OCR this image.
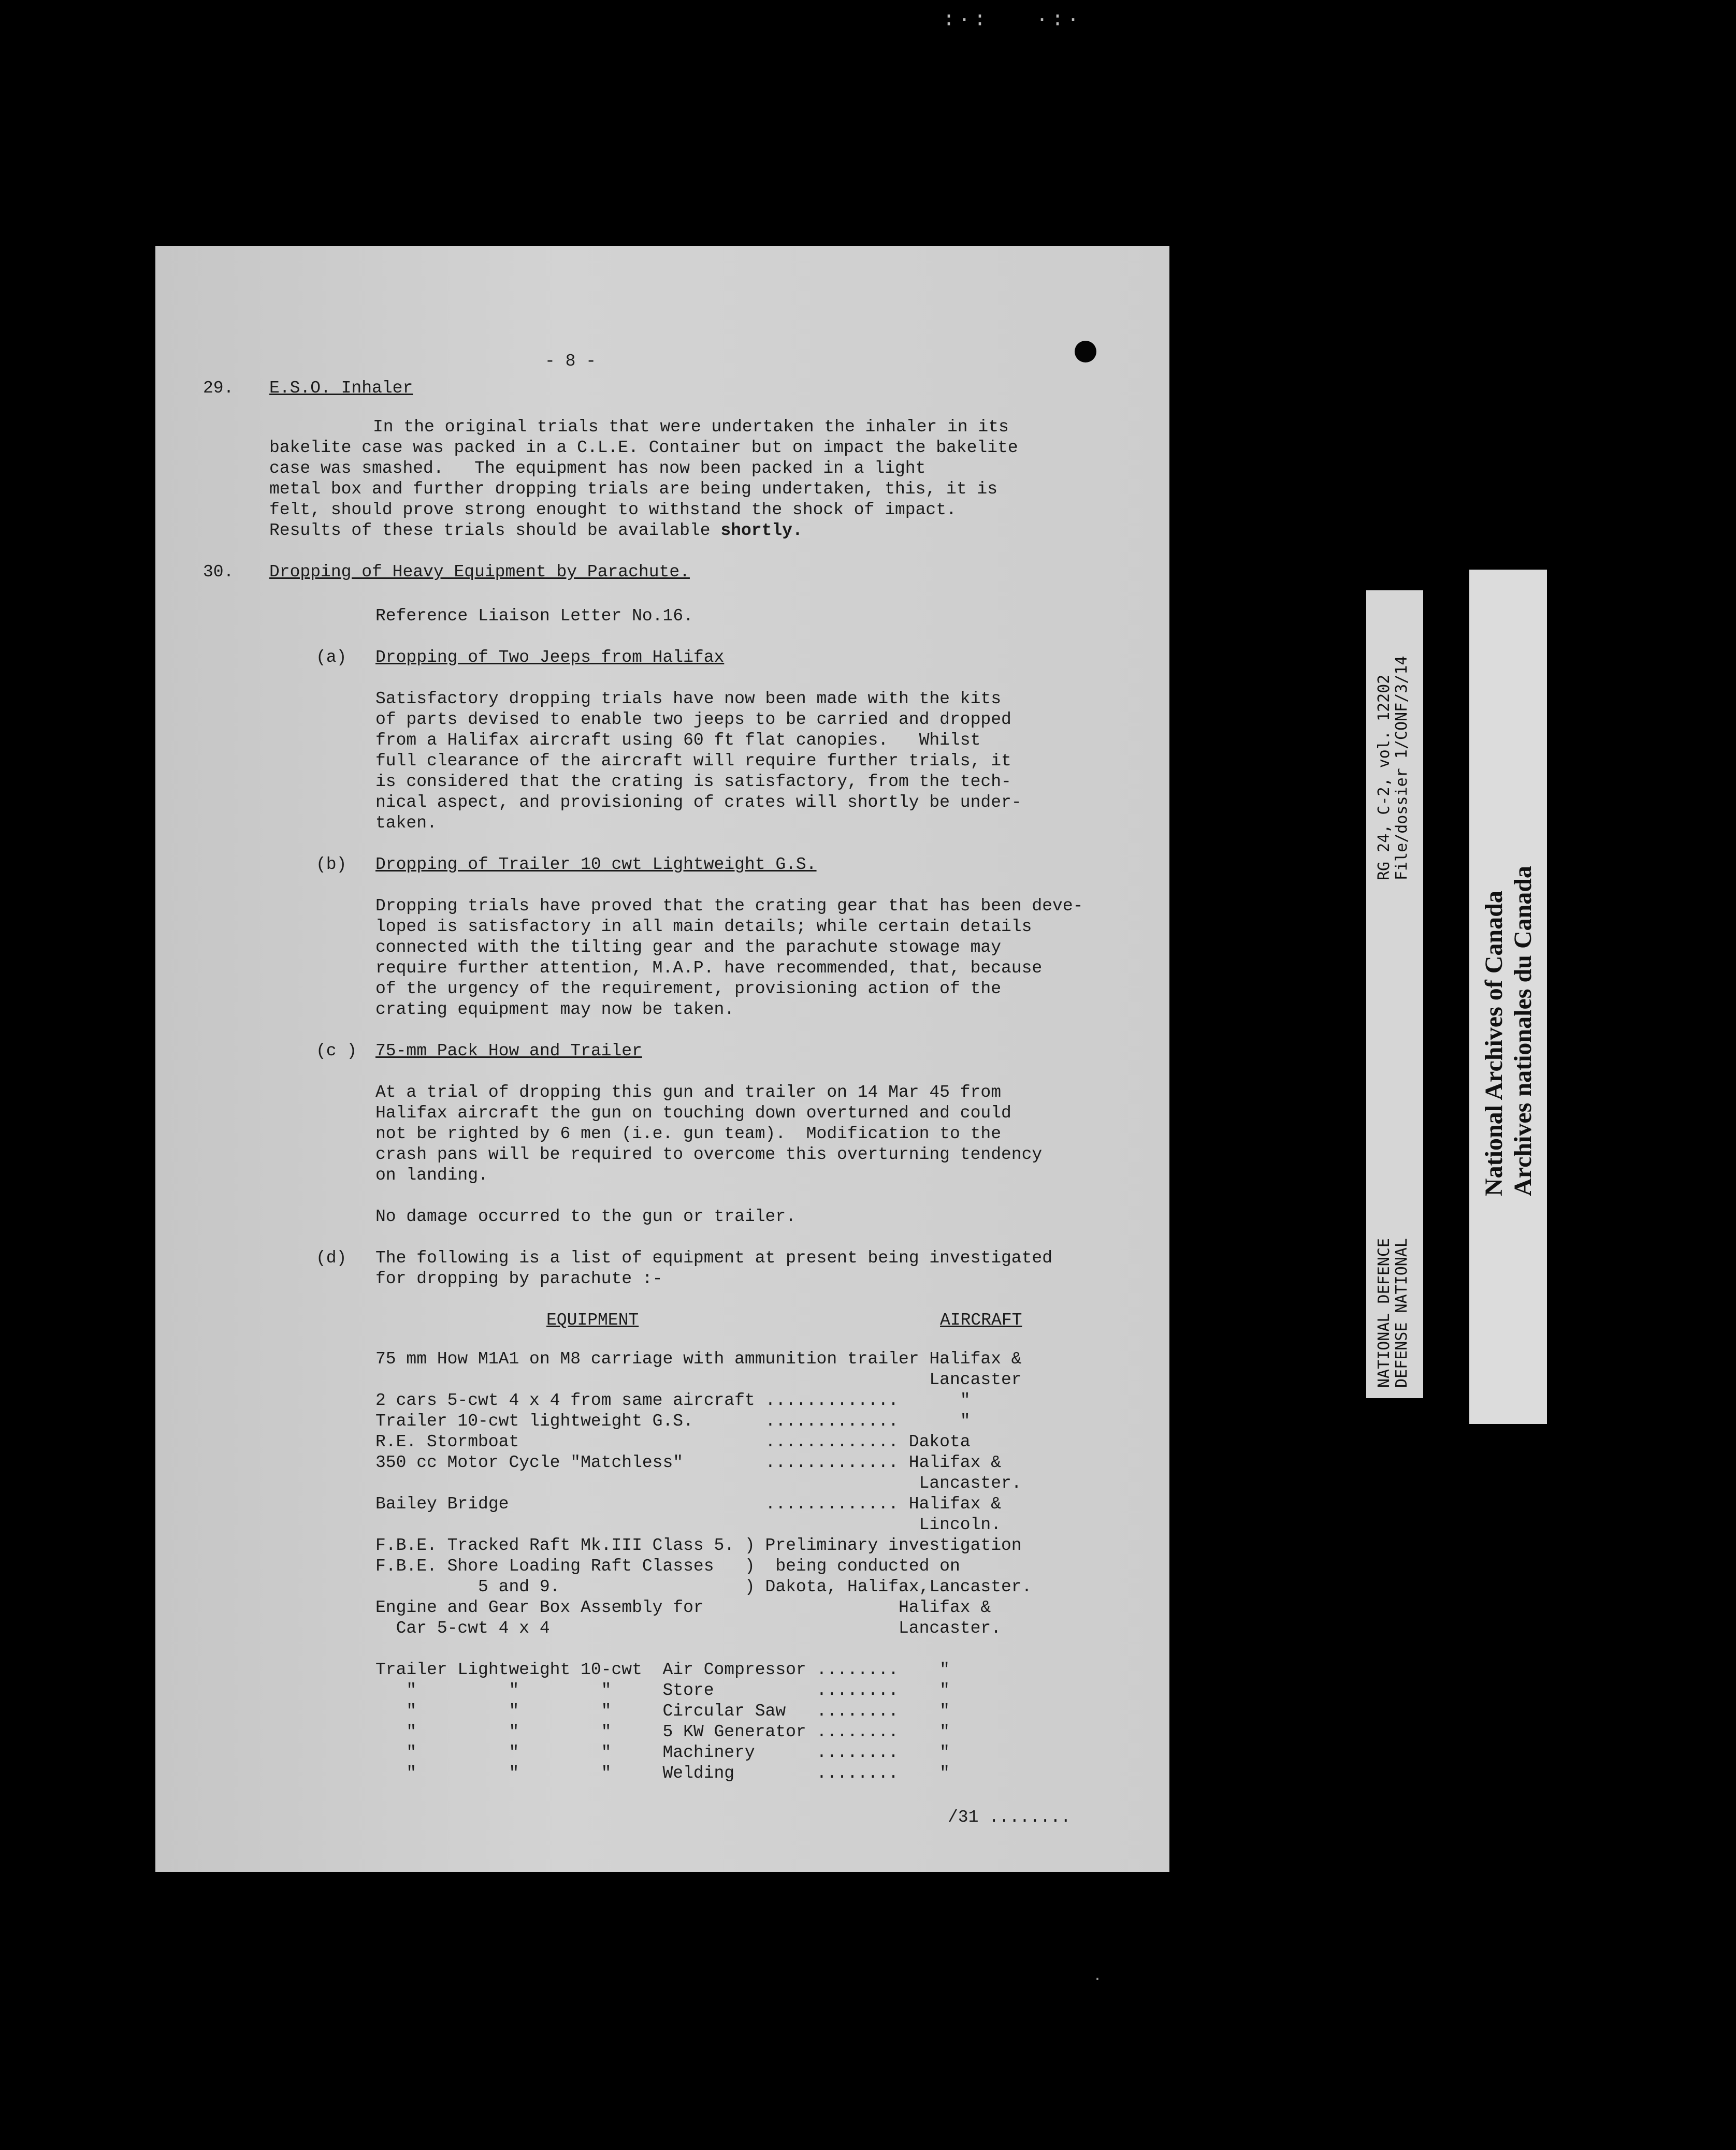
:·:   ·:·
- 8 -
29. E.S.O. Inhaler
In the original trials that were undertaken the inhaler in its
bakelite case was packed in a C.L.E. Container but on impact the bakelite
case was smashed.   The equipment has now been packed in a light
metal box and further dropping trials are being undertaken, this, it is
felt, should prove strong enought to withstand the shock of impact.
Results of these trials should be available shortly.
30. Dropping of Heavy Equipment by Parachute.
Reference Liaison Letter No.16.
(a) Dropping of Two Jeeps from Halifax
Satisfactory dropping trials have now been made with the kits
of parts devised to enable two jeeps to be carried and dropped
from a Halifax aircraft using 60 ft flat canopies.   Whilst
full clearance of the aircraft will require further trials, it
is considered that the crating is satisfactory, from the tech-
nical aspect, and provisioning of crates will shortly be under-
taken.
(b) Dropping of Trailer 10 cwt Lightweight G.S.
Dropping trials have proved that the crating gear that has been deve-
loped is satisfactory in all main details; while certain details
connected with the tilting gear and the parachute stowage may
require further attention, M.A.P. have recommended, that, because
of the urgency of the requirement, provisioning action of the
crating equipment may now be taken.
(c ) 75-mm Pack How and Trailer
At a trial of dropping this gun and trailer on 14 Mar 45 from
Halifax aircraft the gun on touching down overturned and could
not be righted by 6 men (i.e. gun team).  Modification to the
crash pans will be required to overcome this overturning tendency
on landing.
No damage occurred to the gun or trailer.
(d) The following is a list of equipment at present being investigated
for dropping by parachute :-
EQUIPMENT	AIRCRAFT
75 mm How M1A1 on M8 carriage with ammunition trailer Halifax &
Lancaster
2 cars 5-cwt 4 x 4 from same aircraft .............      "
Trailer 10-cwt lightweight G.S.       .............      "
R.E. Stormboat                        ............. Dakota
350 cc Motor Cycle "Matchless"        ............. Halifax &
Lancaster.
Bailey Bridge                         ............. Halifax &
Lincoln.
F.B.E. Tracked Raft Mk.III Class 5. ) Preliminary investigation
F.B.E. Shore Loading Raft Classes   )  being conducted on
5 and 9.                  ) Dakota, Halifax,Lancaster.
Engine and Gear Box Assembly for                   Halifax &
Car 5-cwt 4 x 4                                  Lancaster.
Trailer Lightweight 10-cwt  Air Compressor ........    "
"         "        "     Store          ........    "
"         "        "     Circular Saw   ........    "
"         "        "     5 KW Generator ........    "
"         "        "     Machinery      ........    "
"         "        "     Welding        ........    "
/31 ........
RG 24, C-2, vol. 12202 File/dossier 1/CONF/3/14
NATIONAL DEFENCE DEFENSE NATIONAL
National Archives of Canada Archives nationales du Canada
.
